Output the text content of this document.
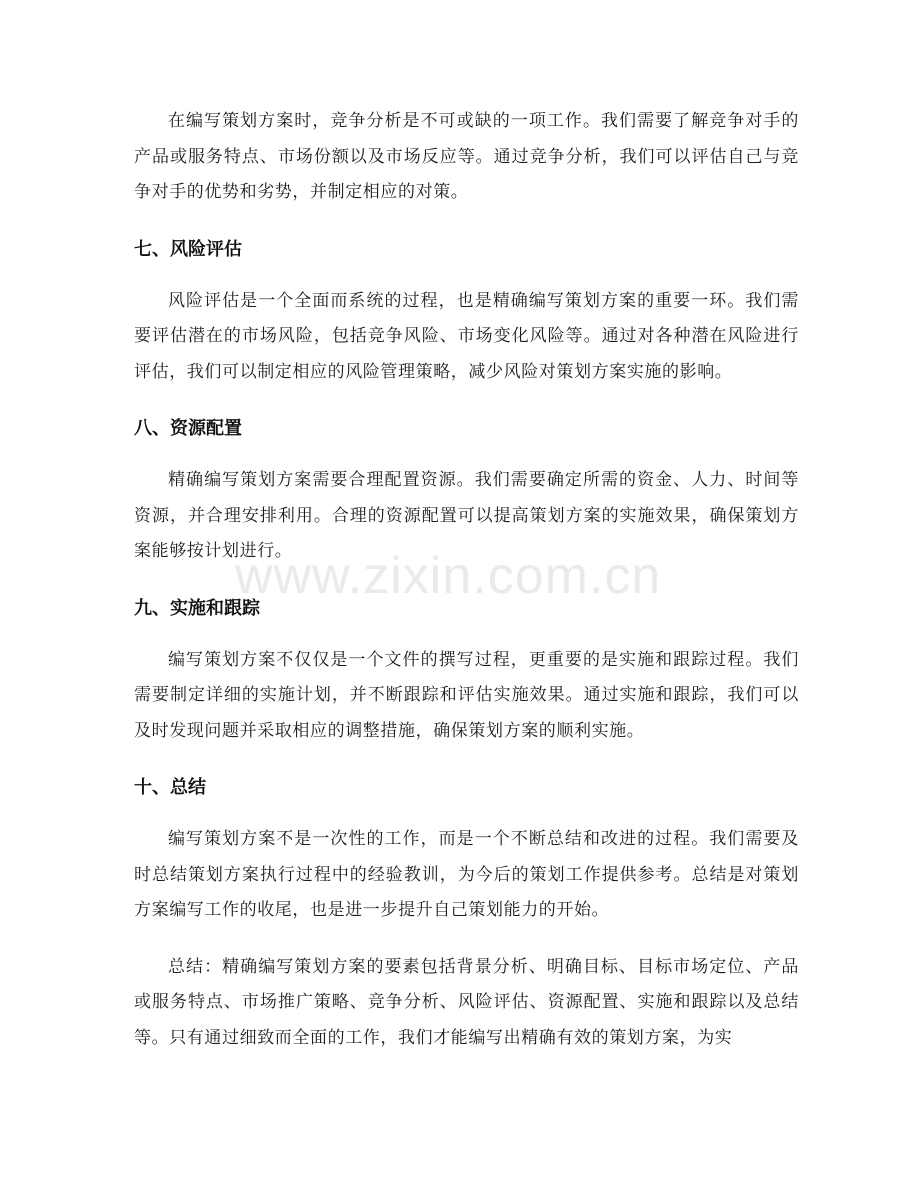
在编写策划方案时，竞争分析是不可或缺的一项工作。我们需要了解竞争对手的产品或服务特点、市场份额以及市场反应等。通过竞争分析，我们可以评估自己与竞争对手的优势和劣势，并制定相应的对策。

七、风险评估

风险评估是一个全面而系统的过程，也是精确编写策划方案的重要一环。我们需要评估潜在的市场风险，包括竞争风险、市场变化风险等。通过对各种潜在风险进行评估，我们可以制定相应的风险管理策略，减少风险对策划方案实施的影响。

八、资源配置

精确编写策划方案需要合理配置资源。我们需要确定所需的资金、人力、时间等资源，并合理安排利用。合理的资源配置可以提高策划方案的实施效果，确保策划方案能够按计划进行。

九、实施和跟踪

编写策划方案不仅仅是一个文件的撰写过程，更重要的是实施和跟踪过程。我们需要制定详细的实施计划，并不断跟踪和评估实施效果。通过实施和跟踪，我们可以及时发现问题并采取相应的调整措施，确保策划方案的顺利实施。

十、总结

编写策划方案不是一次性的工作，而是一个不断总结和改进的过程。我们需要及时总结策划方案执行过程中的经验教训，为今后的策划工作提供参考。总结是对策划方案编写工作的收尾，也是进一步提升自己策划能力的开始。

总结：精确编写策划方案的要素包括背景分析、明确目标、目标市场定位、产品或服务特点、市场推广策略、竞争分析、风险评估、资源配置、实施和跟踪以及总结等。只有通过细致而全面的工作，我们才能编写出精确有效的策划方案，为实

www.zixin.com.cn
